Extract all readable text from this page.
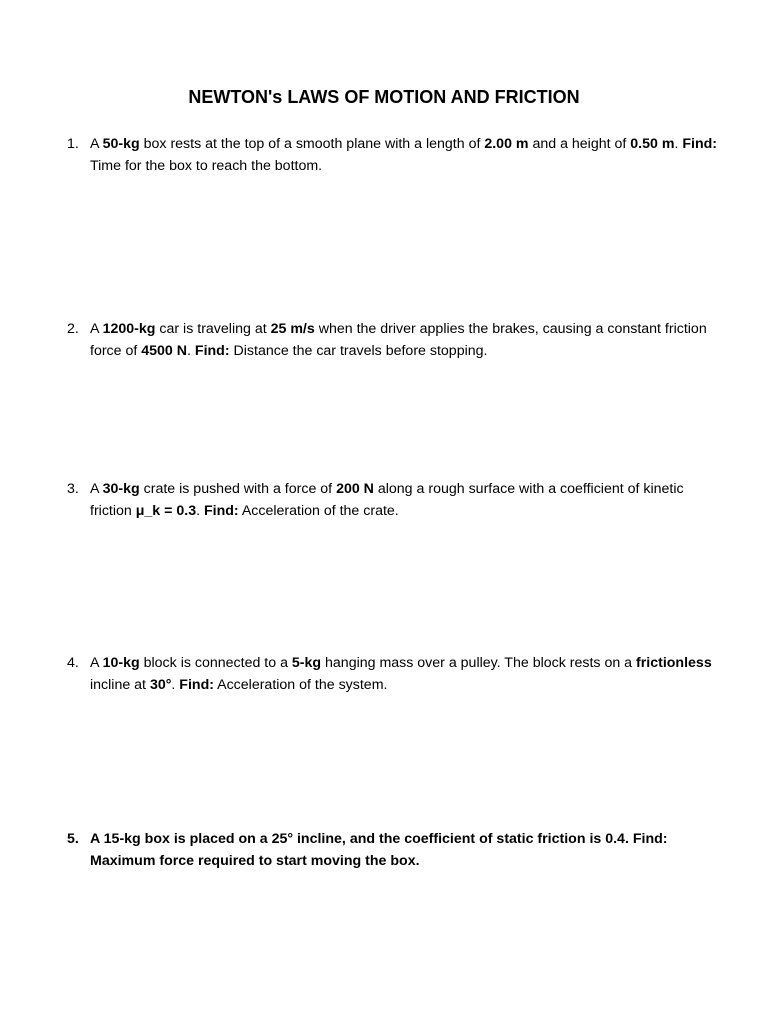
NEWTON's LAWS OF MOTION AND FRICTION
1. A 50-kg box rests at the top of a smooth plane with a length of 2.00 m and a height of 0.50 m. Find: Time for the box to reach the bottom.
2. A 1200-kg car is traveling at 25 m/s when the driver applies the brakes, causing a constant friction force of 4500 N. Find: Distance the car travels before stopping.
3. A 30-kg crate is pushed with a force of 200 N along a rough surface with a coefficient of kinetic friction μ_k = 0.3. Find: Acceleration of the crate.
4. A 10-kg block is connected to a 5-kg hanging mass over a pulley. The block rests on a frictionless incline at 30°. Find: Acceleration of the system.
5. A 15-kg box is placed on a 25° incline, and the coefficient of static friction is 0.4. Find: Maximum force required to start moving the box.
